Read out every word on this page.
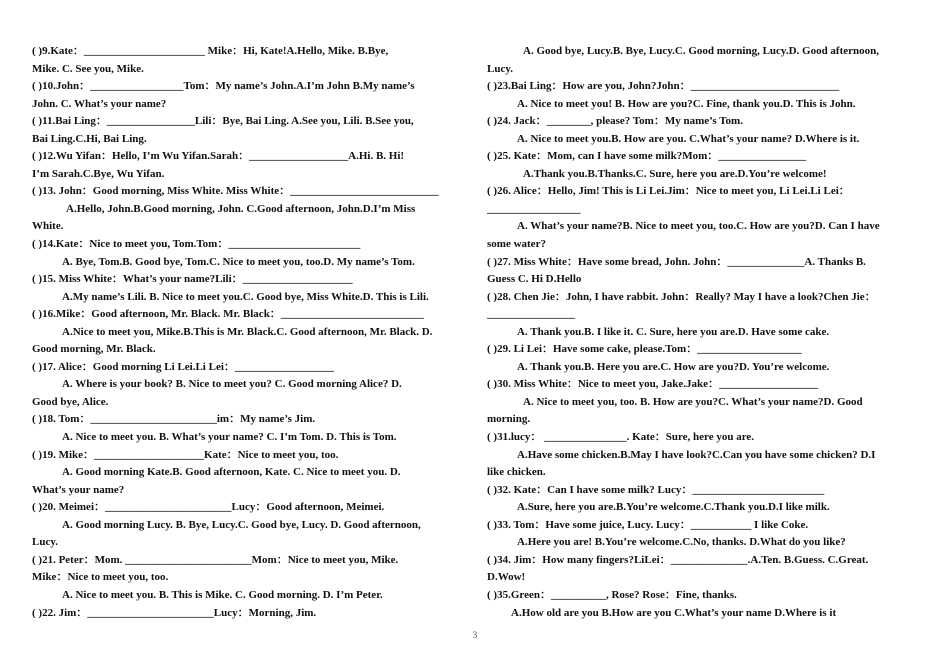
( )9.Kate：______________________ Mike：Hi, Kate!A.Hello, Mike. B.Bye,
Mike. C. See you, Mike.
( )10.John：_________________Tom：My name’s John.A.I’m John B.My name’s
John. C. What’s your name?
( )11.Bai Ling：________________Lili：Bye, Bai Ling. A.See you, Lili. B.See you,
Bai Ling.C.Hi, Bai Ling.
( )12.Wu Yifan：Hello, I’m Wu Yifan.Sarah：__________________A.Hi. B. Hi!
I’m Sarah.C.Bye, Wu Yifan.
( )13. John：Good morning, Miss White. Miss White：___________________________
A.Hello, John.B.Good morning, John. C.Good afternoon, John.D.I’m Miss
White.
( )14.Kate：Nice to meet you, Tom.Tom：________________________
A. Bye, Tom.B. Good bye, Tom.C. Nice to meet you, too.D. My name’s Tom.
( )15. Miss White：What’s your name?Lili：____________________
A.My name’s Lili. B. Nice to meet you.C. Good bye, Miss White.D. This is Lili.
( )16.Mike：Good afternoon, Mr. Black. Mr. Black：__________________________
A.Nice to meet you, Mike.B.This is Mr. Black.C. Good afternoon, Mr. Black. D.
Good morning, Mr. Black.
( )17. Alice：Good morning Li Lei.Li Lei：__________________
A. Where is your book? B. Nice to meet you? C. Good morning Alice? D.
Good bye, Alice.
( )18. Tom：_______________________im：My name’s Jim.
A. Nice to meet you. B. What’s your name? C. I’m Tom. D. This is Tom.
( )19. Mike：____________________Kate：Nice to meet you, too.
A. Good morning Kate.B. Good afternoon, Kate. C. Nice to meet you. D.
What’s your name?
( )20. Meimei：_______________________Lucy：Good afternoon, Meimei.
A. Good morning Lucy. B. Bye, Lucy.C. Good bye, Lucy. D. Good afternoon,
Lucy.
( )21. Peter：Mom. _______________________Mom：Nice to meet you, Mike.
Mike：Nice to meet you, too.
A. Nice to meet you. B. This is Mike. C. Good morning. D. I’m Peter.
( )22. Jim：_______________________Lucy：Morning, Jim.
A. Good bye, Lucy.B. Bye, Lucy.C. Good morning, Lucy.D. Good afternoon,
Lucy.
( )23.Bai Ling：How are you, John?John：___________________________
A. Nice to meet you! B. How are you?C. Fine, thank you.D. This is John.
( )24. Jack：________, please? Tom：My name’s Tom.
A. Nice to meet you.B. How are you. C.What’s your name? D.Where is it.
( )25. Kate：Mom, can I have some milk?Mom：________________
A.Thank you.B.Thanks.C. Sure, here you are.D.You’re welcome!
( )26. Alice：Hello, Jim! This is Li Lei.Jim：Nice to meet you, Li Lei.Li Lei：
_________________
A. What’s your name?B. Nice to meet you, too.C. How are you?D. Can I have
some water?
( )27. Miss White：Have some bread, John. John：______________A. Thanks B.
Guess C. Hi D.Hello
( )28. Chen Jie：John, I have rabbit. John：Really? May I have a look?Chen Jie：
________________
A. Thank you.B. I like it. C. Sure, here you are.D. Have some cake.
( )29. Li Lei：Have some cake, please.Tom：___________________
A. Thank you.B. Here you are.C. How are you?D. You’re welcome.
( )30. Miss White：Nice to meet you, Jake.Jake：__________________
A. Nice to meet you, too. B. How are you?C. What’s your name?D. Good
morning.
( )31.lucy： _______________. Kate：Sure, here you are.
A.Have some chicken.B.May I have look?C.Can you have some chicken? D.I
like chicken.
( )32. Kate：Can I have some milk? Lucy：________________________
A.Sure, here you are.B.You’re welcome.C.Thank you.D.I like milk.
( )33. Tom：Have some juice, Lucy. Lucy：___________ I like Coke.
A.Here you are! B.You’re welcome.C.No, thanks. D.What do you like?
( )34. Jim：How many fingers?LiLei：______________.A.Ten. B.Guess. C.Great.
D.Wow!
( )35.Green：__________, Rose? Rose：Fine, thanks.
A.How old are you B.How are you C.What’s your name D.Where is it
3
